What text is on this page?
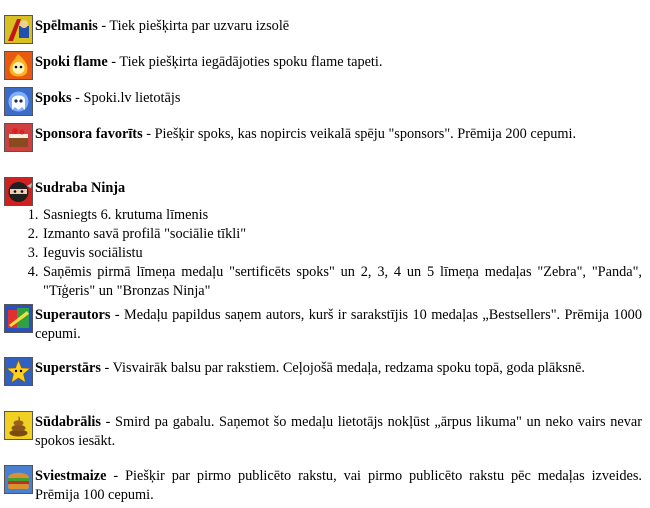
Spēlmanis - Tiek piešķirta par uzvaru izsolē
Spoki flame - Tiek piešķirta iegādājoties spoku flame tapeti.
Spoks - Spoki.lv lietotājs
Sponsora favorīts - Piešķir spoks, kas nopircis veikalā spēju "sponsors". Prēmija 200 cepumi.
Sudraba Ninja
1. Sasniegts 6. krutuma līmenis
2. Izmanto savā profilā "sociālie tīkli"
3. Ieguvis sociālistu
4. Saņēmis pirmā līmeņa medaļu "sertificēts spoks" un 2, 3, 4 un 5 līmeņa medaļas "Zebra", "Panda", "Tīģeris" un "Bronzas Ninja"
Superautors - Medaļu papildus saņem autors, kurš ir sarakstījis 10 medaļas „Bestsellers". Prēmija 1000 cepumi.
Superstārs - Visvairāk balsu par rakstiem. Ceļojošā medaļa, redzama spoku topā, goda plāksnē.
Sūdabrālis - Smird pa gabalu. Saņemot šo medaļu lietotājs nokļūst „ārpus likuma" un neko vairs nevar spokos iesākt.
Sviestmaize - Piešķir par pirmo publicēto rakstu, vai pirmo publicēto rakstu pēc medaļas izveides. Prēmija 100 cepumi.
